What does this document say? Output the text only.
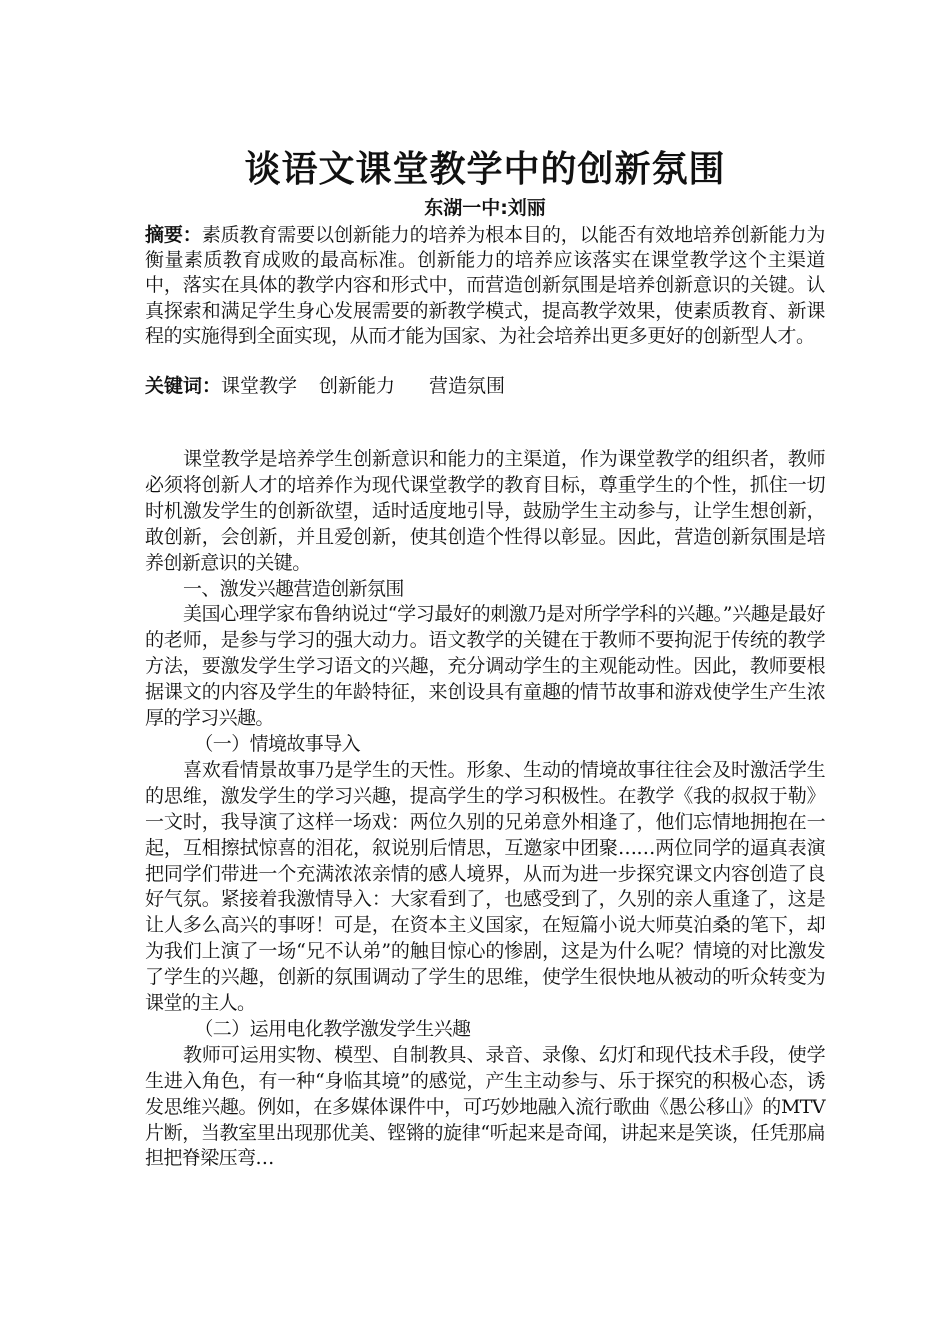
谈语文课堂教学中的创新氛围
东湖一中:刘丽

摘要：素质教育需要以创新能力的培养为根本目的，以能否有效地培养创新能力为衡量素质教育成败的最高标准。创新能力的培养应该落实在课堂教学这个主渠道中，落实在具体的教学内容和形式中，而营造创新氛围是培养创新意识的关键。认真探索和满足学生身心发展需要的新教学模式，提高教学效果，使素质教育、新课程的实施得到全面实现，从而才能为国家、为社会培养出更多更好的创新型人才。

关键词：课堂教学 创新能力 营造氛围

课堂教学是培养学生创新意识和能力的主渠道，作为课堂教学的组织者，教师必须将创新人才的培养作为现代课堂教学的教育目标，尊重学生的个性，抓住一切时机激发学生的创新欲望，适时适度地引导，鼓励学生主动参与，让学生想创新，敢创新，会创新，并且爱创新，使其创造个性得以彰显。因此，营造创新氛围是培养创新意识的关键。

一、激发兴趣营造创新氛围

美国心理学家布鲁纳说过“学习最好的刺激乃是对所学学科的兴趣。”兴趣是最好的老师，是参与学习的强大动力。语文教学的关键在于教师不要拘泥于传统的教学方法，要激发学生学习语文的兴趣，充分调动学生的主观能动性。因此，教师要根据课文的内容及学生的年龄特征，来创设具有童趣的情节故事和游戏使学生产生浓厚的学习兴趣。

（一）情境故事导入

喜欢看情景故事乃是学生的天性。形象、生动的情境故事往往会及时激活学生的思维，激发学生的学习兴趣，提高学生的学习积极性。在教学《我的叔叔于勒》一文时，我导演了这样一场戏：两位久别的兄弟意外相逢了，他们忘情地拥抱在一起，互相擦拭惊喜的泪花，叙说别后情思，互邀家中团聚……两位同学的逼真表演把同学们带进一个充满浓浓亲情的感人境界，从而为进一步探究课文内容创造了良好气氛。紧接着我激情导入：大家看到了，也感受到了，久别的亲人重逢了，这是让人多么高兴的事呀！可是，在资本主义国家，在短篇小说大师莫泊桑的笔下，却为我们上演了一场“兄不认弟”的触目惊心的惨剧，这是为什么呢？情境的对比激发了学生的兴趣，创新的氛围调动了学生的思维，使学生很快地从被动的听众转变为课堂的主人。

（二）运用电化教学激发学生兴趣

教师可运用实物、模型、自制教具、录音、录像、幻灯和现代技术手段，使学生进入角色，有一种“身临其境”的感觉，产生主动参与、乐于探究的积极心态，诱发思维兴趣。例如，在多媒体课件中，可巧妙地融入流行歌曲《愚公移山》的MTV片断，当教室里出现那优美、铿锵的旋律“听起来是奇闻，讲起来是笑谈，任凭那扁担把脊梁压弯…
